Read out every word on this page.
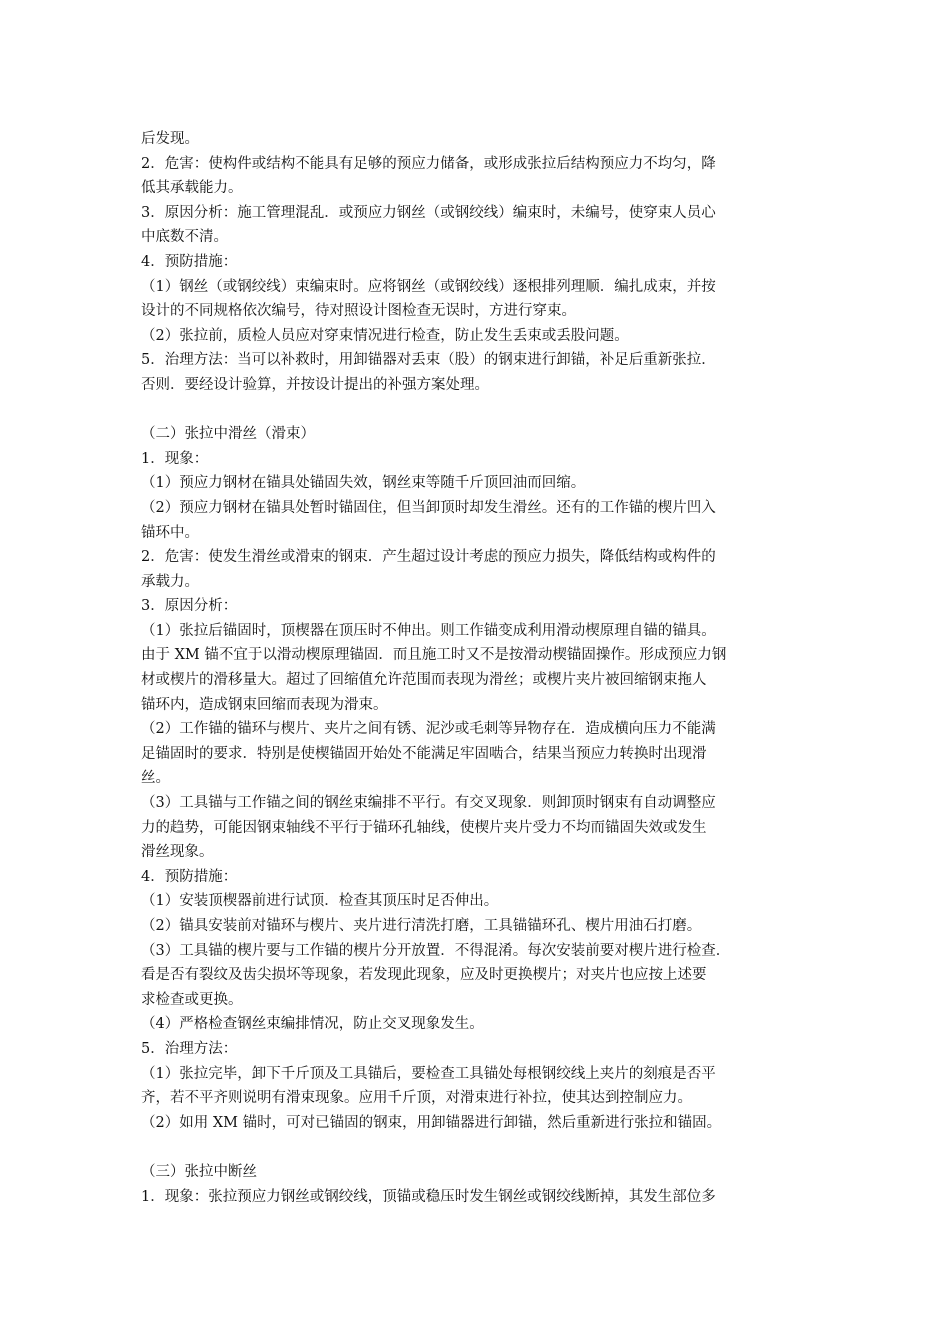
后发现。
2．危害：使构件或结构不能具有足够的预应力储备，或形成张拉后结构预应力不均匀，降
低其承载能力。
3．原因分析：施工管理混乱．或预应力钢丝（或钢绞线）编束时，未编号，使穿束人员心
中底数不清。
4．预防措施：
（1）钢丝（或钢绞线）束编束时。应将钢丝（或钢绞线）逐根排列理顺．编扎成束，并按
设计的不同规格依次编号，待对照设计图检查无误时，方进行穿束。
（2）张拉前，质检人员应对穿束情况进行检查，防止发生丢束或丢股问题。
5．治理方法：当可以补救时，用卸锚器对丢束（股）的钢束进行卸锚，补足后重新张拉．
否则．要经设计验算，并按设计提出的补强方案处理。
（二）张拉中滑丝（滑束）
1．现象：
（1）预应力钢材在锚具处锚固失效，钢丝束等随千斤顶回油而回缩。
（2）预应力钢材在锚具处暂时锚固住，但当卸顶时却发生滑丝。还有的工作锚的楔片凹入
锚环中。
2．危害：使发生滑丝或滑束的钢束．产生超过设计考虑的预应力损失，降低结构或构件的
承载力。
3．原因分析：
（1）张拉后锚固时，顶楔器在顶压时不伸出。则工作锚变成利用滑动楔原理自锚的锚具。
由于 XM 锚不宜于以滑动楔原理锚固．而且施工时又不是按滑动楔锚固操作。形成预应力钢
材或楔片的滑移量大。超过了回缩值允许范围而表现为滑丝；或楔片夹片被回缩钢束拖人
锚环内，造成钢束回缩而表现为滑束。
（2）工作锚的锚环与楔片、夹片之间有锈、泥沙或毛刺等异物存在．造成横向压力不能满
足锚固时的要求．特别是使楔锚固开始处不能满足牢固啮合，结果当预应力转换时出现滑
丝。
（3）工具锚与工作锚之间的钢丝束编排不平行。有交叉现象．则卸顶时钢束有自动调整应
力的趋势，可能因钢束轴线不平行于锚环孔轴线，使楔片夹片受力不均而锚固失效或发生
滑丝现象。
4．预防措施：
（1）安装顶楔器前进行试顶．检查其顶压时足否伸出。
（2）锚具安装前对锚环与楔片、夹片进行清洗打磨，工具锚锚环孔、楔片用油石打磨。
（3）工具锚的楔片要与工作锚的楔片分开放置．不得混淆。每次安装前要对楔片进行检查．
看是否有裂纹及齿尖损坏等现象，若发现此现象，应及时更换楔片；对夹片也应按上述要
求检查或更换。
（4）严格检查钢丝束编排情况，防止交叉现象发生。
5．治理方法：
（1）张拉完毕，卸下千斤顶及工具锚后，要检查工具锚处每根钢绞线上夹片的刻痕是否平
齐，若不平齐则说明有滑束现象。应用千斤顶，对滑束进行补拉，使其达到控制应力。
（2）如用 XM 锚时，可对已锚固的钢束，用卸锚器进行卸锚，然后重新进行张拉和锚固。
（三）张拉中断丝
1．现象：张拉预应力钢丝或钢绞线，顶锚或稳压时发生钢丝或钢绞线断掉，其发生部位多
